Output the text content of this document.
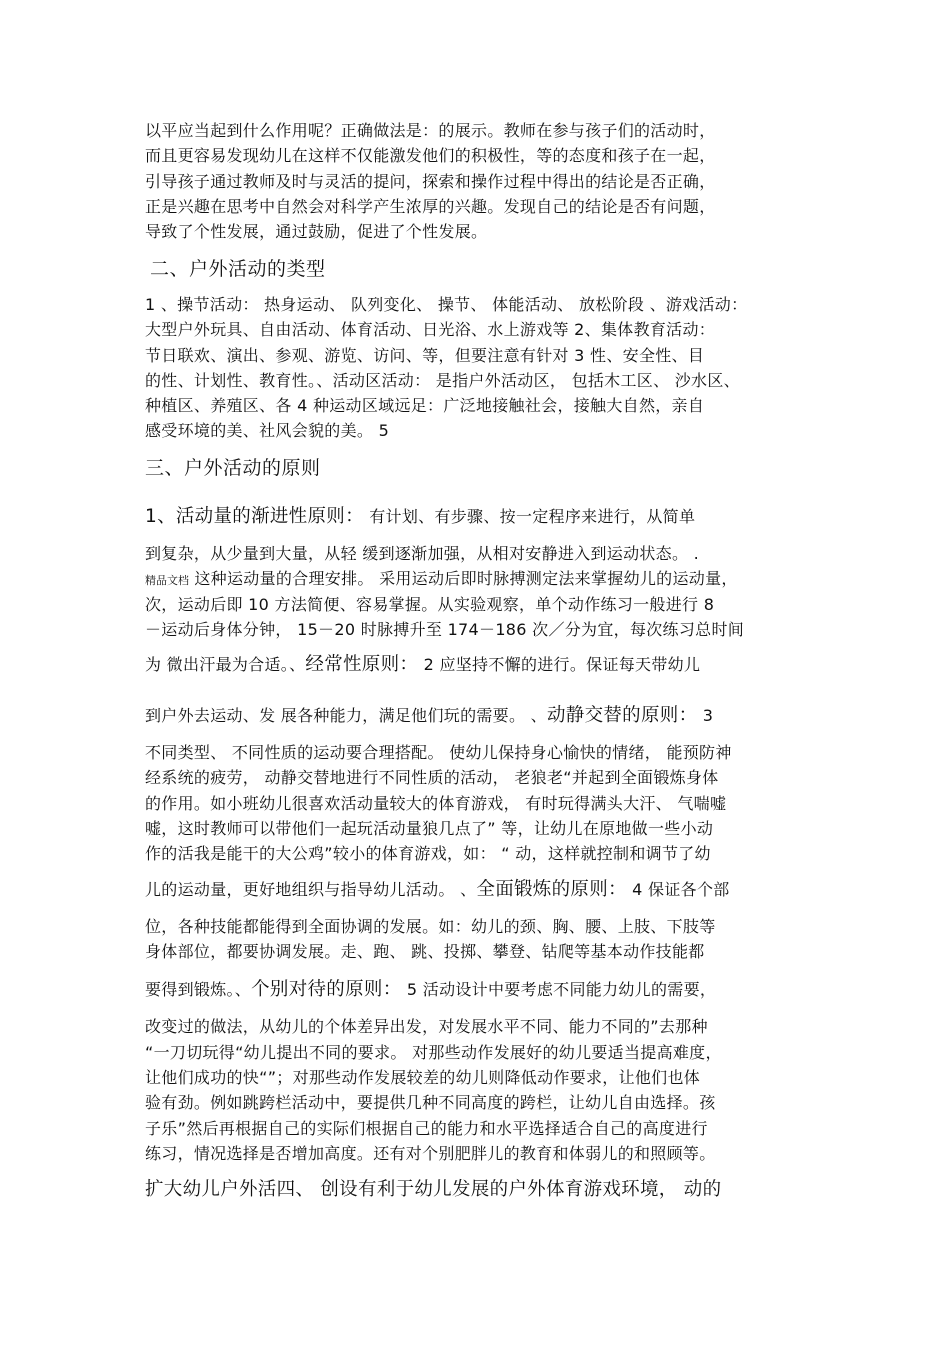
以平应当起到什么作用呢？正确做法是：的展示。教师在参与孩子们的活动时，
而且更容易发现幼儿在这样不仅能激发他们的积极性，等的态度和孩子在一起，
引导孩子通过教师及时与灵活的提问，探索和操作过程中得出的结论是否正确，
正是兴趣在思考中自然会对科学产生浓厚的兴趣。发现自己的结论是否有问题，
导致了个性发展，通过鼓励，促进了个性发展。
二、户外活动的类型
1 、操节活动： 热身运动、 队列变化、 操节、 体能活动、 放松阶段 、游戏活动：
大型户外玩具、自由活动、体育活动、日光浴、水上游戏等 2、集体教育活动：
节日联欢、演出、参观、游览、访问、等，但要注意有针对 3 性、安全性、目
的性、计划性、教育性。、活动区活动： 是指户外活动区， 包括木工区、 沙水区、
种植区、养殖区、各 4 种运动区域远足：广泛地接触社会，接触大自然，亲自
感受环境的美、社风会貌的美。 5
三、户外活动的原则
1、活动量的渐进性原则： 有计划、有步骤、按一定程序来进行，从简单
到复杂，从少量到大量，从轻 缓到逐渐加强，从相对安静进入到运动状态。 .
精品文档 这种运动量的合理安排。 采用运动后即时脉搏测定法来掌握幼儿的运动量，
次，运动后即 10 方法简便、容易掌握。从实验观察，单个动作练习一般进行 8
－运动后身体分钟， 15－20 时脉搏升至 174－186 次／分为宜，每次练习总时间
为 微出汗最为合适。、经常性原则： 2 应坚持不懈的进行。保证每天带幼儿
到户外去运动、发 展各种能力，满足他们玩的需要。 、动静交替的原则： 3
不同类型、 不同性质的运动要合理搭配。 使幼儿保持身心愉快的情绪， 能预防神
经系统的疲劳， 动静交替地进行不同性质的活动， 老狼老“并起到全面锻炼身体
的作用。如小班幼儿很喜欢活动量较大的体育游戏， 有时玩得满头大汗、 气喘嘘
嘘，这时教师可以带他们一起玩活动量狼几点了” 等，让幼儿在原地做一些小动
作的活我是能干的大公鸡”较小的体育游戏，如： “ 动，这样就控制和调节了幼
儿的运动量，更好地组织与指导幼儿活动。 、全面锻炼的原则： 4 保证各个部
位，各种技能都能得到全面协调的发展。如：幼儿的颈、胸、腰、上肢、下肢等
身体部位，都要协调发展。走、跑、 跳、投掷、攀登、钻爬等基本动作技能都
要得到锻炼。、个别对待的原则： 5 活动设计中要考虑不同能力幼儿的需要，
改变过的做法，从幼儿的个体差异出发，对发展水平不同、能力不同的”去那种
“一刀切玩得“幼儿提出不同的要求。 对那些动作发展好的幼儿要适当提高难度，
让他们成功的快“”；对那些动作发展较差的幼儿则降低动作要求，让他们也体
验有劲。例如跳跨栏活动中，要提供几种不同高度的跨栏，让幼儿自由选择。孩
子乐”然后再根据自己的实际们根据自己的能力和水平选择适合自己的高度进行
练习，情况选择是否增加高度。还有对个别肥胖儿的教育和体弱儿的和照顾等。
扩大幼儿户外活四、 创设有利于幼儿发展的户外体育游戏环境， 动的
